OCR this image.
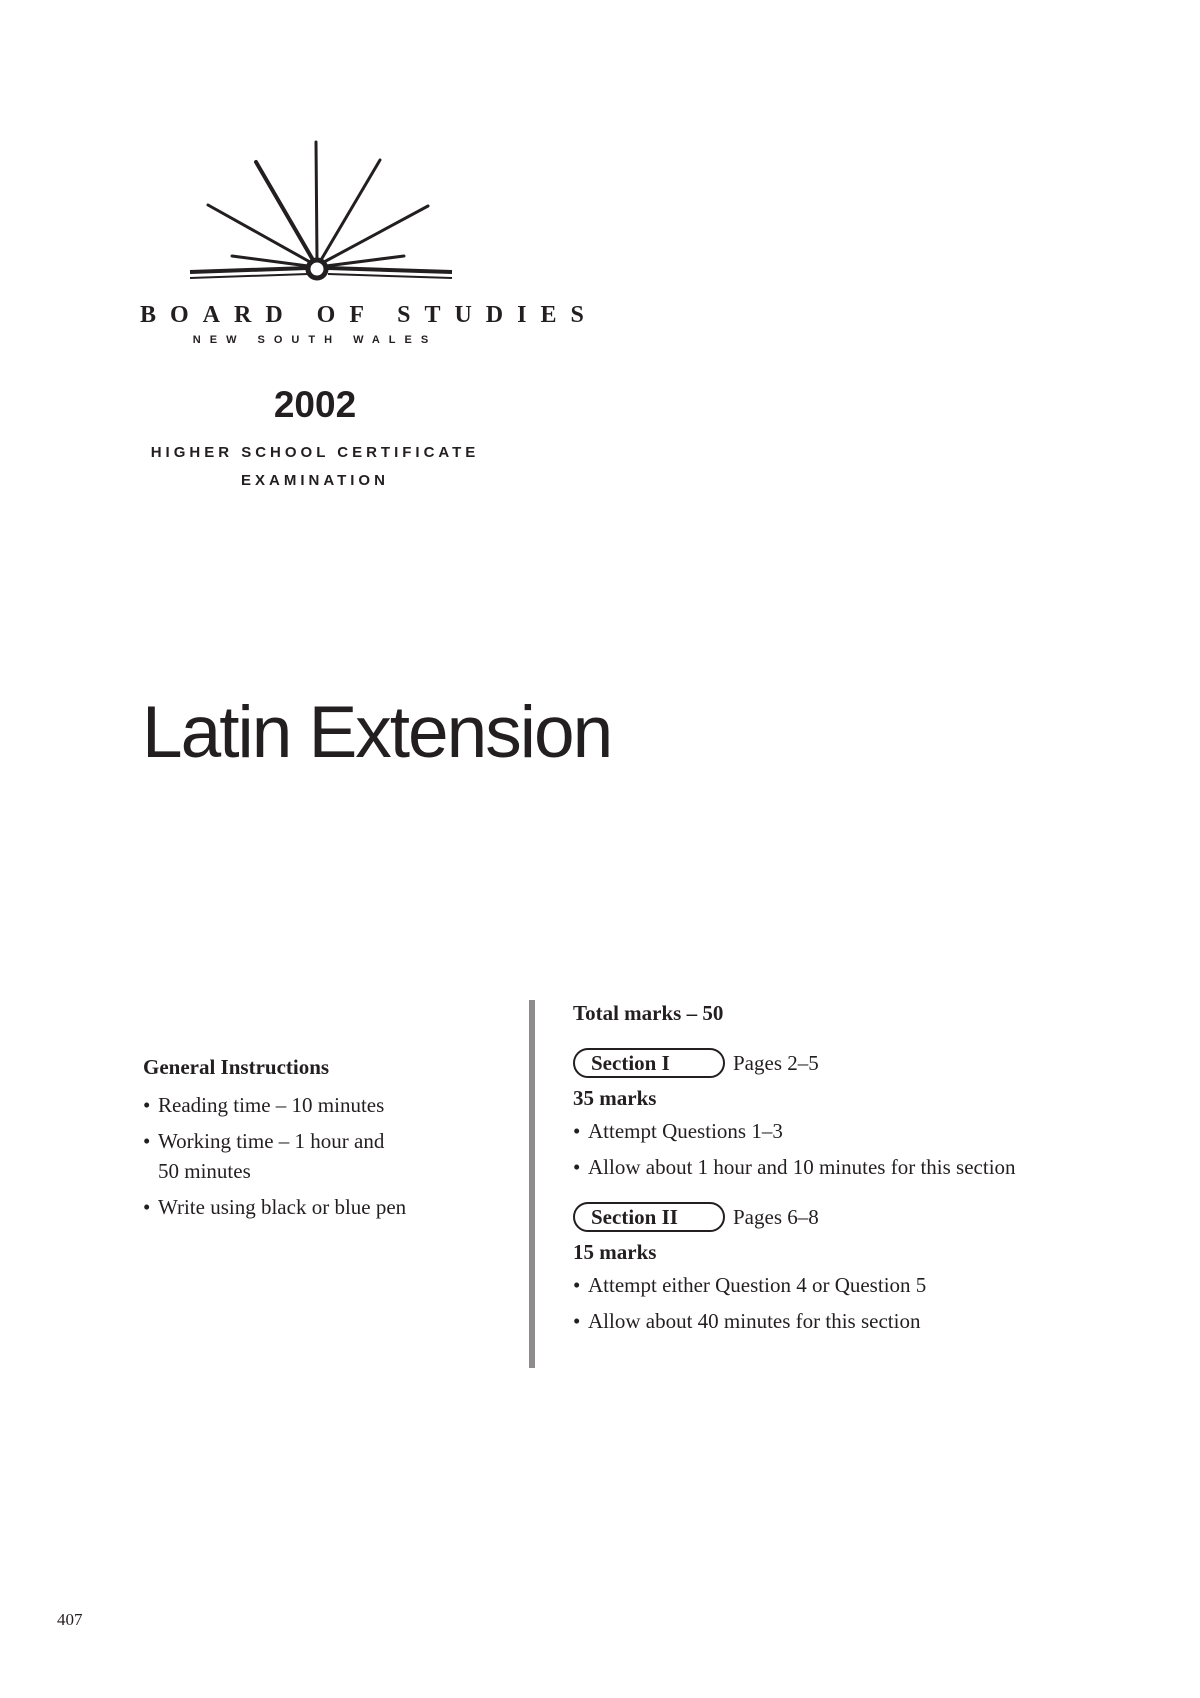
BOARD OF STUDIES
NEW SOUTH WALES
2002
HIGHER SCHOOL CERTIFICATE
EXAMINATION
Latin Extension
General Instructions
• Reading time – 10 minutes
• Working time – 1 hour and
50 minutes
• Write using black or blue pen
Total marks – 50
Section I	Pages 2–5
35 marks
• Attempt Questions 1–3
• Allow about 1 hour and 10 minutes for this section
Section II	Pages 6–8
15 marks
• Attempt either Question 4 or Question 5
• Allow about 40 minutes for this section
407
